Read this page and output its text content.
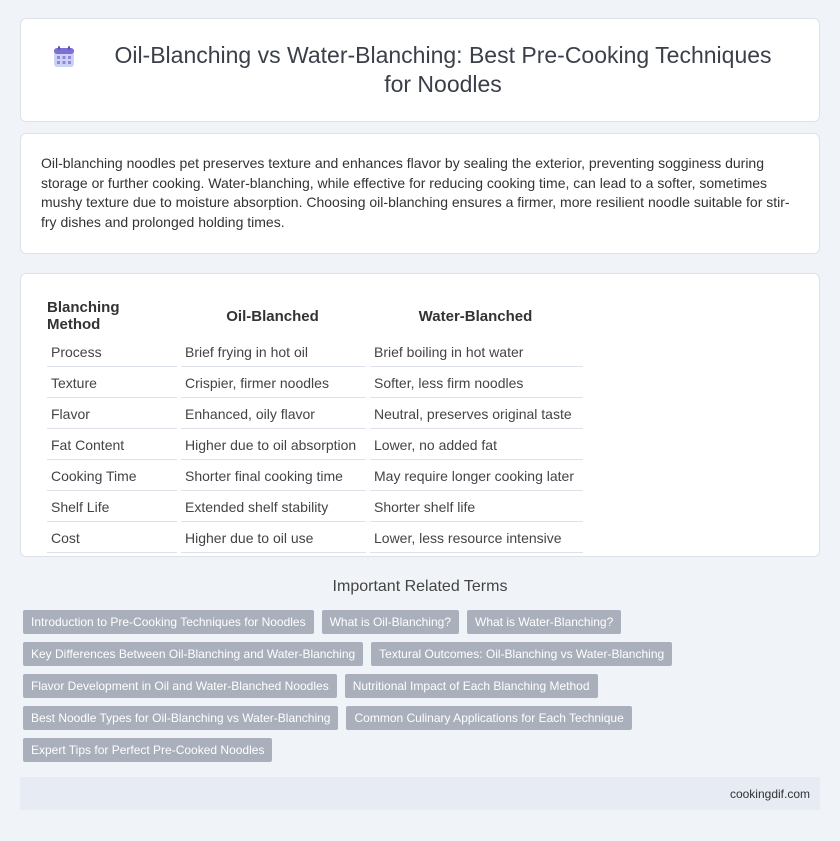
Oil-Blanching vs Water-Blanching: Best Pre-Cooking Techniques for Noodles

Oil-blanching noodles pet preserves texture and enhances flavor by sealing the exterior, preventing sogginess during storage or further cooking. Water-blanching, while effective for reducing cooking time, can lead to a softer, sometimes mushy texture due to moisture absorption. Choosing oil-blanching ensures a firmer, more resilient noodle suitable for stir-fry dishes and prolonged holding times.

Blanching Method	Oil-Blanched	Water-Blanched
Process	Brief frying in hot oil	Brief boiling in hot water
Texture	Crispier, firmer noodles	Softer, less firm noodles
Flavor	Enhanced, oily flavor	Neutral, preserves original taste
Fat Content	Higher due to oil absorption	Lower, no added fat
Cooking Time	Shorter final cooking time	May require longer cooking later
Shelf Life	Extended shelf stability	Shorter shelf life
Cost	Higher due to oil use	Lower, less resource intensive
Important Related Terms
Introduction to Pre-Cooking Techniques for Noodles	What is Oil-Blanching?	What is Water-Blanching?
Key Differences Between Oil-Blanching and Water-Blanching	Textural Outcomes: Oil-Blanching vs Water-Blanching
Flavor Development in Oil and Water-Blanched Noodles	Nutritional Impact of Each Blanching Method
Best Noodle Types for Oil-Blanching vs Water-Blanching	Common Culinary Applications for Each Technique
Expert Tips for Perfect Pre-Cooked Noodles
cookingdif.com
